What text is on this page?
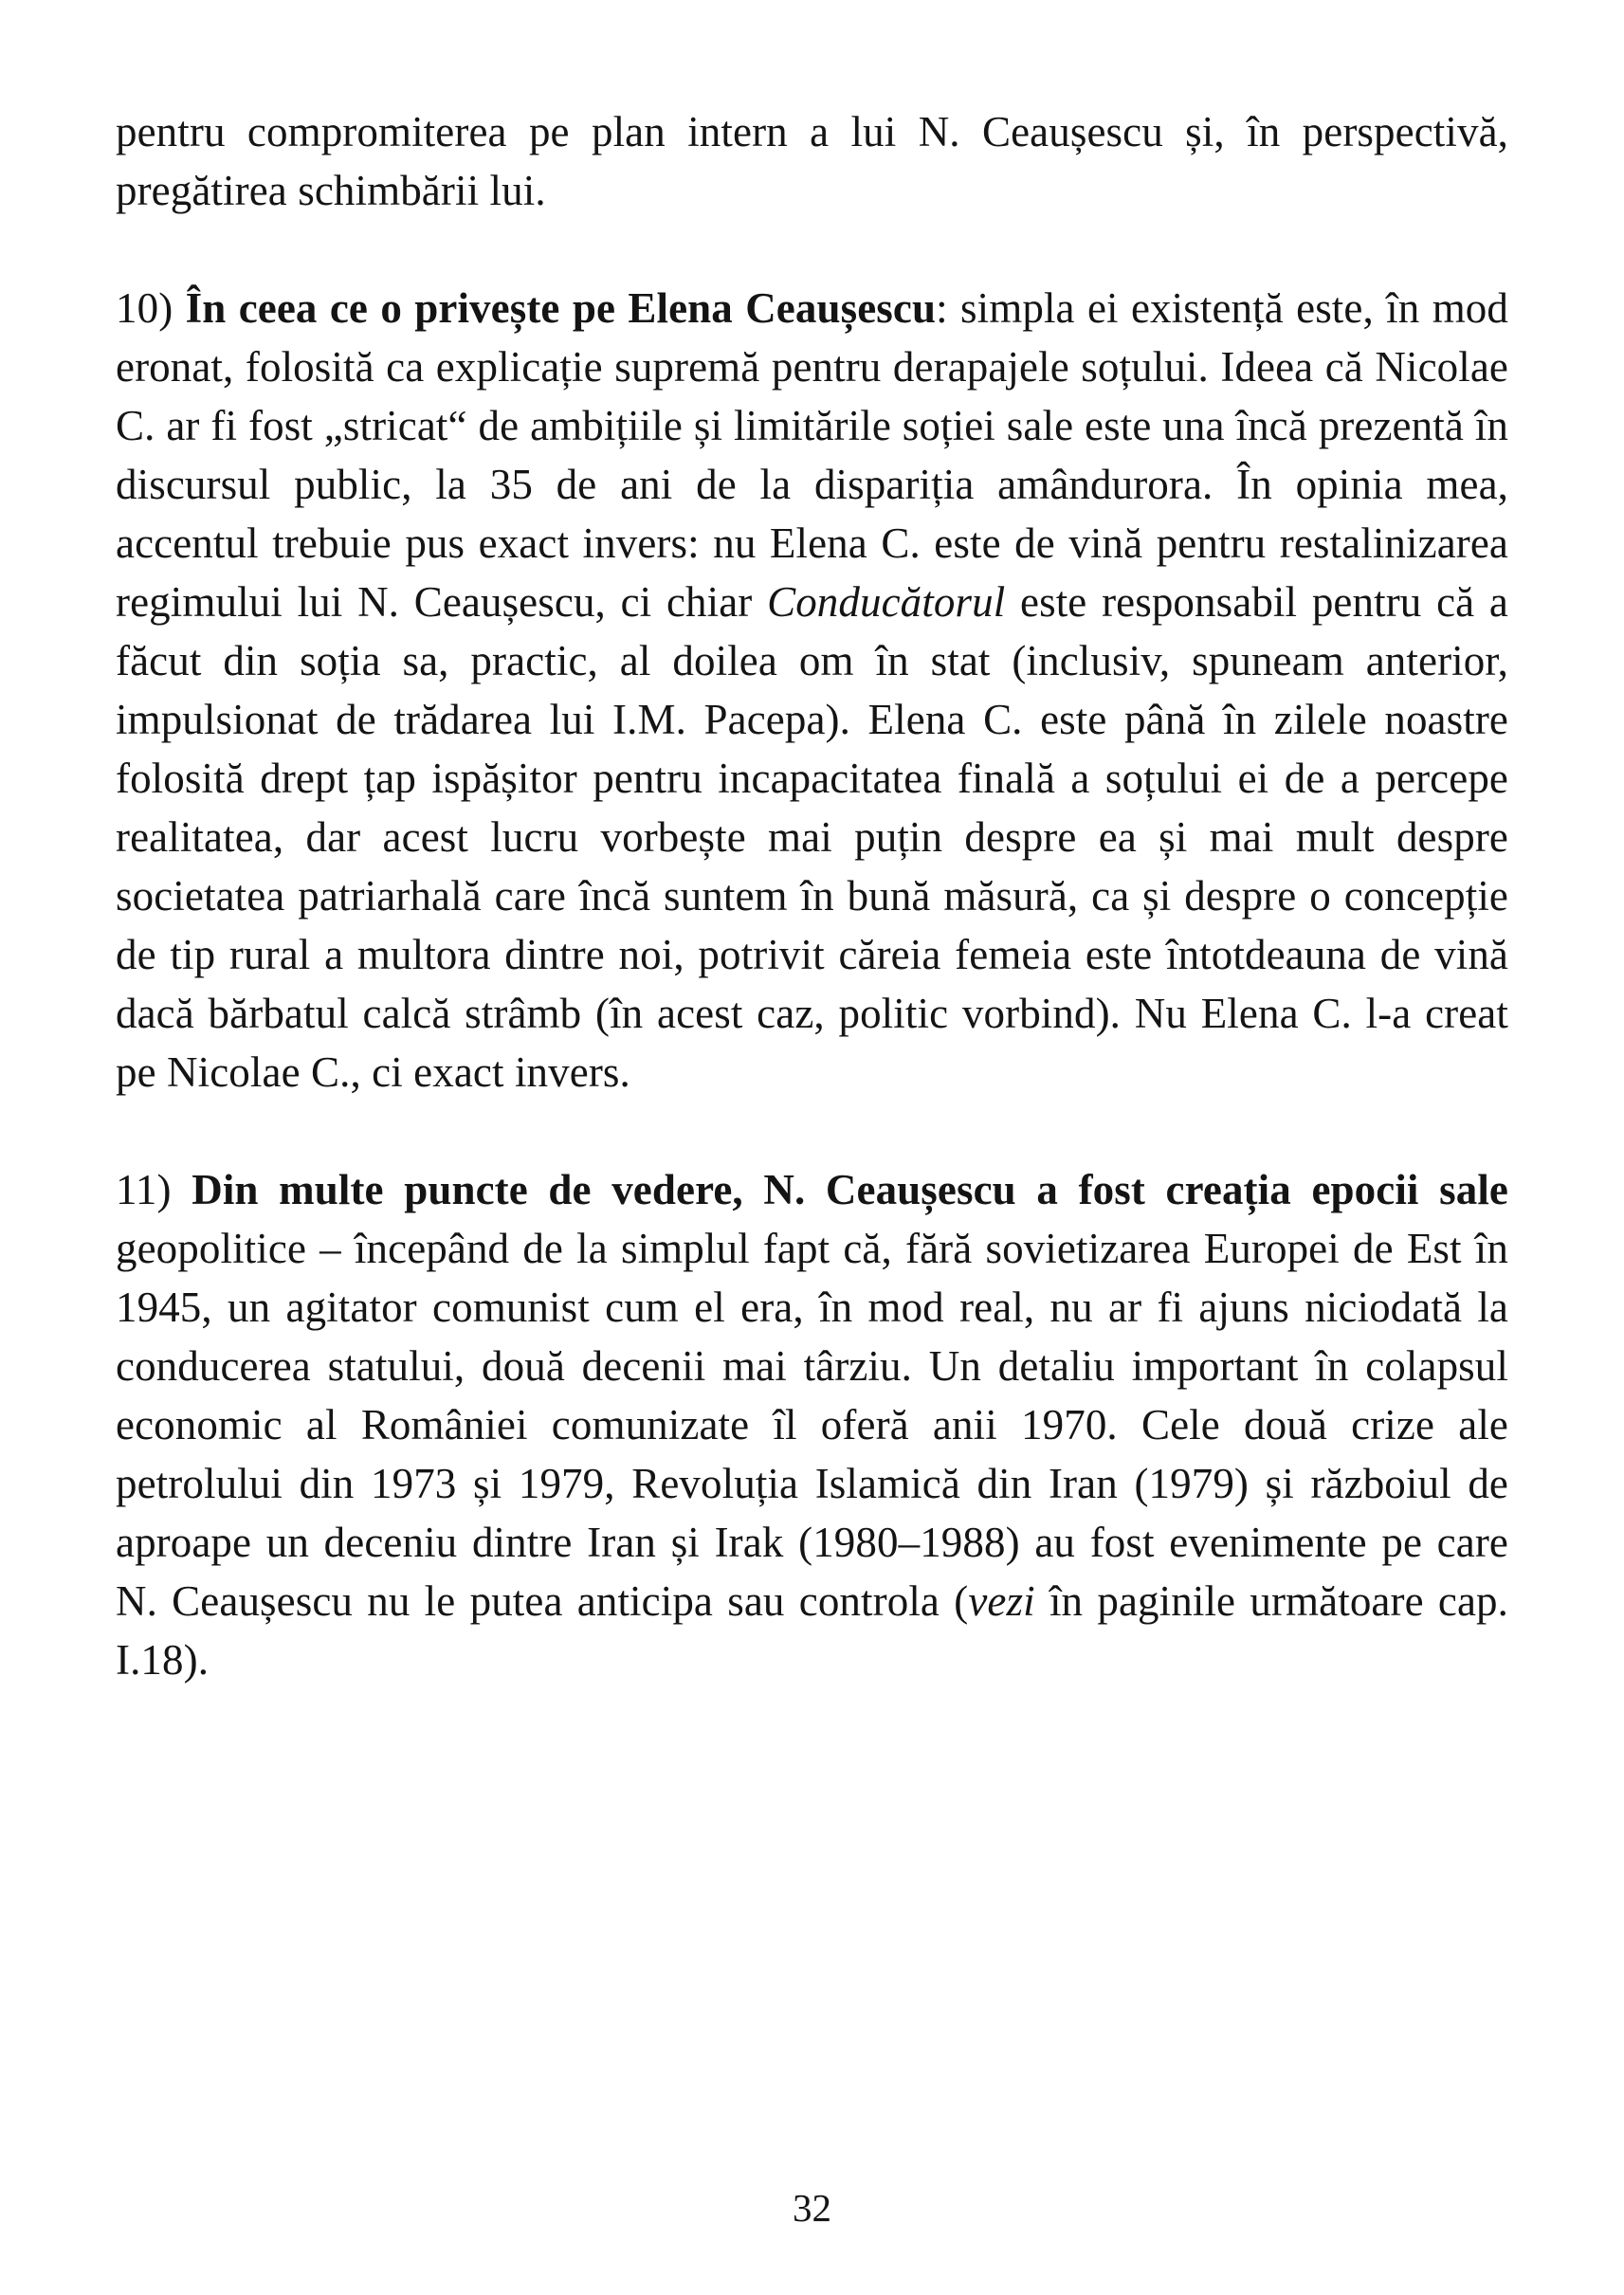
pentru compromiterea pe plan intern a lui N. Ceaușescu și, în perspectivă, pregătirea schimbării lui.

10) În ceea ce o privește pe Elena Ceaușescu: simpla ei existență este, în mod eronat, folosită ca explicație supremă pentru derapajele soțului. Ideea că Nicolae C. ar fi fost „stricat“ de ambițiile și limitările soției sale este una încă prezentă în discursul public, la 35 de ani de la dispariția amândurora. În opinia mea, accentul trebuie pus exact invers: nu Elena C. este de vină pentru restalinizarea regimului lui N. Ceaușescu, ci chiar Conducătorul este responsabil pentru că a făcut din soția sa, practic, al doilea om în stat (inclusiv, spuneam anterior, impulsionat de trădarea lui I.M. Pacepa). Elena C. este până în zilele noastre folosită drept țap ispășitor pentru incapacitatea finală a soțului ei de a percepe realitatea, dar acest lucru vorbește mai puțin despre ea și mai mult despre societatea patriarhală care încă suntem în bună măsură, ca și despre o concepție de tip rural a multora dintre noi, potrivit căreia femeia este întotdeauna de vină dacă bărbatul calcă strâmb (în acest caz, politic vorbind). Nu Elena C. l-a creat pe Nicolae C., ci exact invers.

11) Din multe puncte de vedere, N. Ceaușescu a fost creația epocii sale geopolitice – începând de la simplul fapt că, fără sovietizarea Europei de Est în 1945, un agitator comunist cum el era, în mod real, nu ar fi ajuns niciodată la conducerea statului, două decenii mai târziu. Un detaliu important în colapsul economic al României comunizate îl oferă anii 1970. Cele două crize ale petrolului din 1973 și 1979, Revoluția Islamică din Iran (1979) și războiul de aproape un deceniu dintre Iran și Irak (1980–1988) au fost evenimente pe care N. Ceaușescu nu le putea anticipa sau controla (vezi în paginile următoare cap. I.18).

32
